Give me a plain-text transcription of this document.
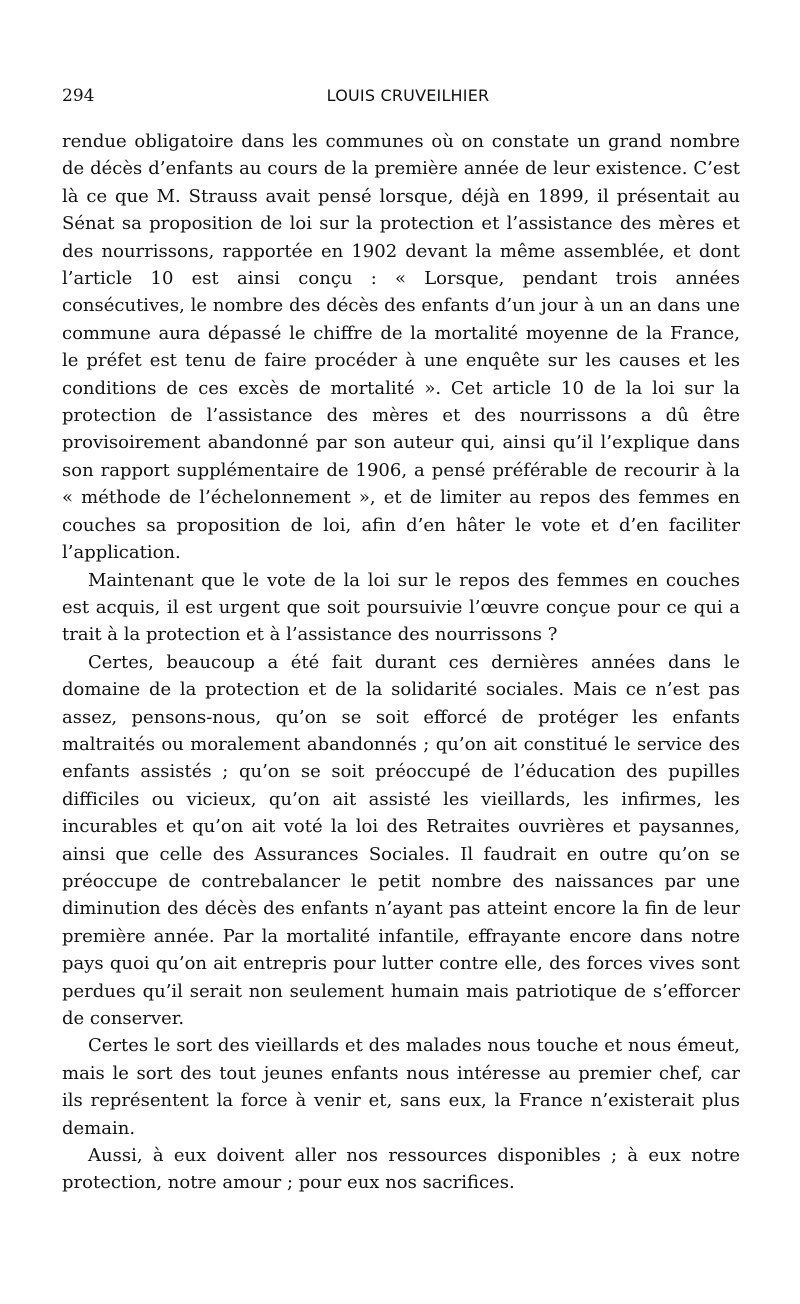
294	LOUIS CRUVEILHIER

rendue obligatoire dans les communes où on constate un grand nombre de décès d’enfants au cours de la première année de leur existence. C’est là ce que M. Strauss avait pensé lorsque, déjà en 1899, il présentait au Sénat sa proposition de loi sur la protection et l’assistance des mères et des nourrissons, rapportée en 1902 devant la même assemblée, et dont l’article 10 est ainsi conçu : « Lorsque, pendant trois années consécutives, le nombre des décès des enfants d’un jour à un an dans une commune aura dépassé le chiffre de la mortalité moyenne de la France, le préfet est tenu de faire procéder à une enquête sur les causes et les conditions de ces excès de mortalité ». Cet article 10 de la loi sur la protection de l’assistance des mères et des nourrissons a dû être provisoirement abandonné par son auteur qui, ainsi qu’il l’explique dans son rapport supplémentaire de 1906, a pensé préférable de recourir à la « méthode de l’échelonnement », et de limiter au repos des femmes en couches sa proposition de loi, afin d’en hâter le vote et d’en faciliter l’application.

Maintenant que le vote de la loi sur le repos des femmes en couches est acquis, il est urgent que soit poursuivie l’œuvre conçue pour ce qui a trait à la protection et à l’assistance des nourrissons ?

Certes, beaucoup a été fait durant ces dernières années dans le domaine de la protection et de la solidarité sociales. Mais ce n’est pas assez, pensons-nous, qu’on se soit efforcé de protéger les enfants maltraités ou moralement abandonnés ; qu’on ait constitué le service des enfants assistés ; qu’on se soit préoccupé de l’éducation des pupilles difficiles ou vicieux, qu’on ait assisté les vieillards, les infirmes, les incurables et qu’on ait voté la loi des Retraites ouvrières et paysannes, ainsi que celle des Assurances Sociales. Il faudrait en outre qu’on se préoccupe de contrebalancer le petit nombre des naissances par une diminution des décès des enfants n’ayant pas atteint encore la fin de leur première année. Par la mortalité infantile, effrayante encore dans notre pays quoi qu’on ait entrepris pour lutter contre elle, des forces vives sont perdues qu’il serait non seulement humain mais patriotique de s’efforcer de conserver.

Certes le sort des vieillards et des malades nous touche et nous émeut, mais le sort des tout jeunes enfants nous intéresse au premier chef, car ils représentent la force à venir et, sans eux, la France n’existerait plus demain.

Aussi, à eux doivent aller nos ressources disponibles ; à eux notre protection, notre amour ; pour eux nos sacrifices.
